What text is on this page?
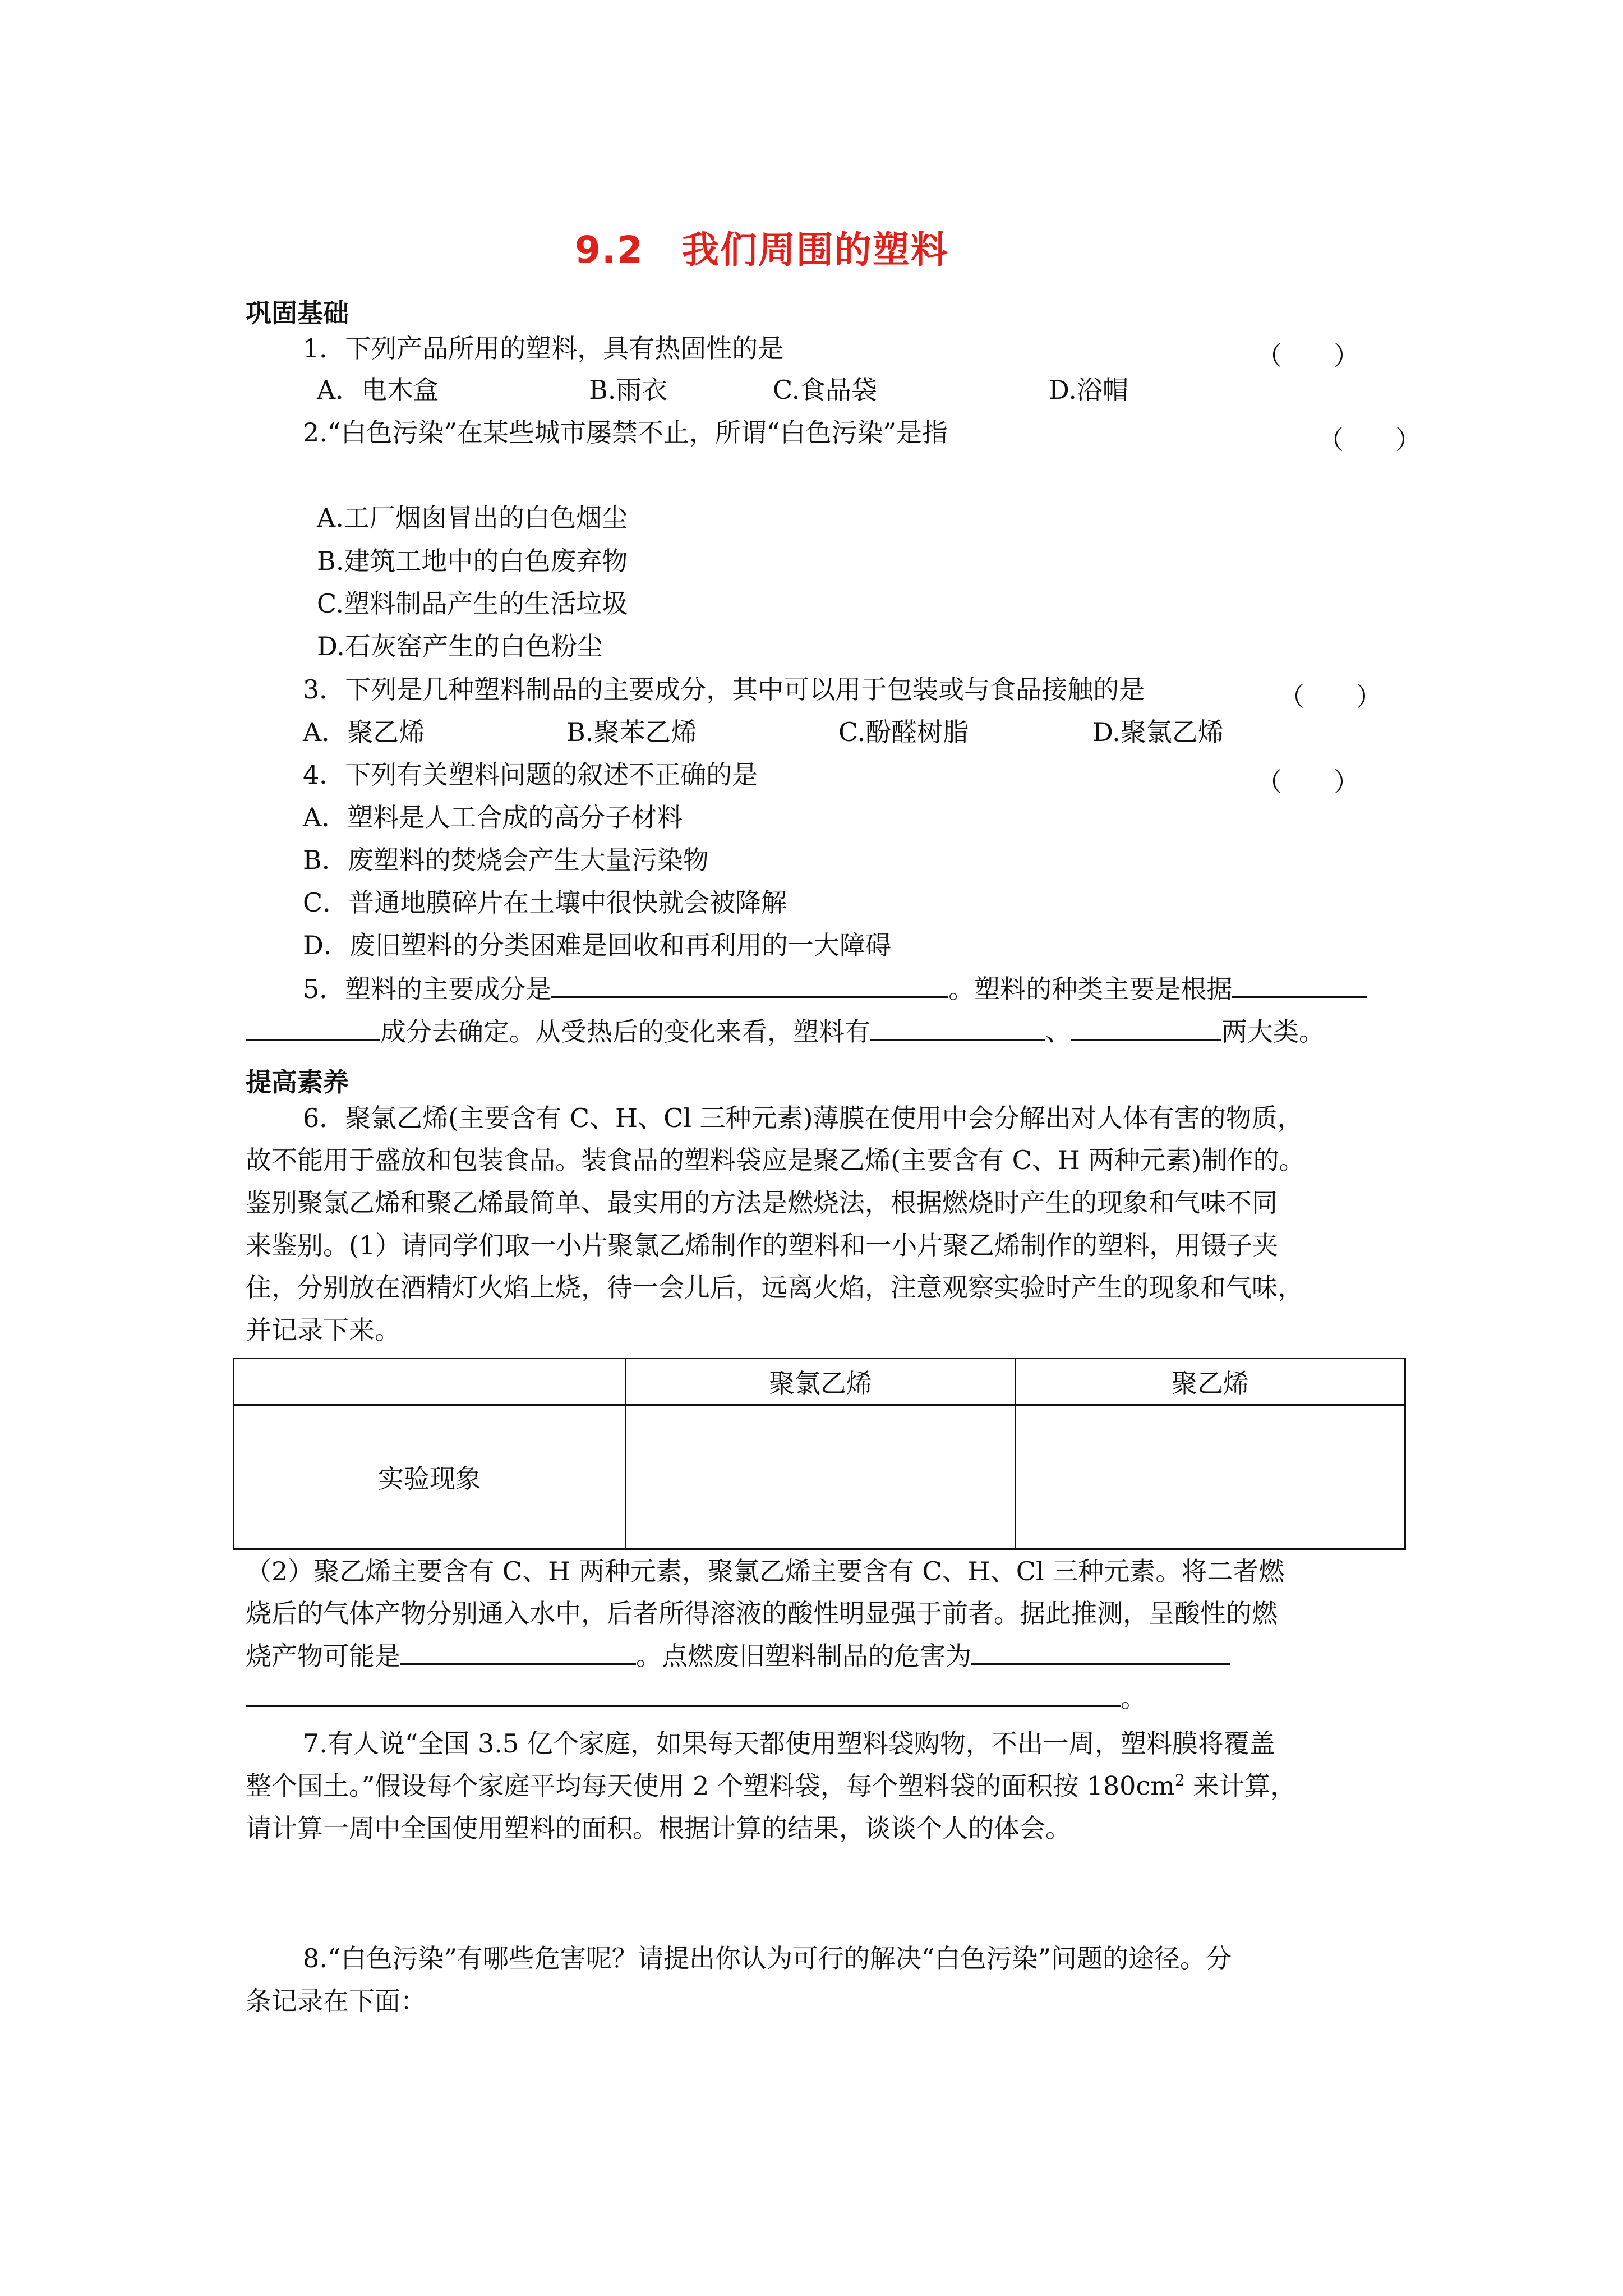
9.2　我们周围的塑料
巩固基础
1．下列产品所用的塑料，具有热固性的是	（　　）
A．电木盒	B.雨衣	C.食品袋	D.浴帽
2.“白色污染”在某些城市屡禁不止，所谓“白色污染”是指	（　　）
A.工厂烟囱冒出的白色烟尘
B.建筑工地中的白色废弃物
C.塑料制品产生的生活垃圾
D.石灰窑产生的白色粉尘
3．下列是几种塑料制品的主要成分，其中可以用于包装或与食品接触的是	（　　）
A．聚乙烯	B.聚苯乙烯	C.酚醛树脂	D.聚氯乙烯
4．下列有关塑料问题的叙述不正确的是	（　　）
A．塑料是人工合成的高分子材料
B．废塑料的焚烧会产生大量污染物
C．普通地膜碎片在土壤中很快就会被降解
D．废旧塑料的分类困难是回收和再利用的一大障碍
5．塑料的主要成分是	。塑料的种类主要是根据
成分去确定。从受热后的变化来看，塑料有	、	两大类。
提高素养
6．聚氯乙烯(主要含有 C、H、Cl 三种元素)薄膜在使用中会分解出对人体有害的物质，
故不能用于盛放和包装食品。装食品的塑料袋应是聚乙烯(主要含有 C、H 两种元素)制作的。
鉴别聚氯乙烯和聚乙烯最简单、最实用的方法是燃烧法，根据燃烧时产生的现象和气味不同
来鉴别。(1）请同学们取一小片聚氯乙烯制作的塑料和一小片聚乙烯制作的塑料，用镊子夹
住，分别放在酒精灯火焰上烧，待一会儿后，远离火焰，注意观察实验时产生的现象和气味，
并记录下来。
	聚氯乙烯	聚乙烯
实验现象		
（2）聚乙烯主要含有 C、H 两种元素，聚氯乙烯主要含有 C、H、Cl 三种元素。将二者燃
烧后的气体产物分别通入水中，后者所得溶液的酸性明显强于前者。据此推测，呈酸性的燃
烧产物可能是	。点燃废旧塑料制品的危害为
。
7.有人说“全国 3.5 亿个家庭，如果每天都使用塑料袋购物，不出一周，塑料膜将覆盖
整个国土。”假设每个家庭平均每天使用 2 个塑料袋，每个塑料袋的面积按 $180cm^2$ 来计算，
请计算一周中全国使用塑料的面积。根据计算的结果，谈谈个人的体会。
8.“白色污染”有哪些危害呢？请提出你认为可行的解决“白色污染”问题的途径。分
条记录在下面：
